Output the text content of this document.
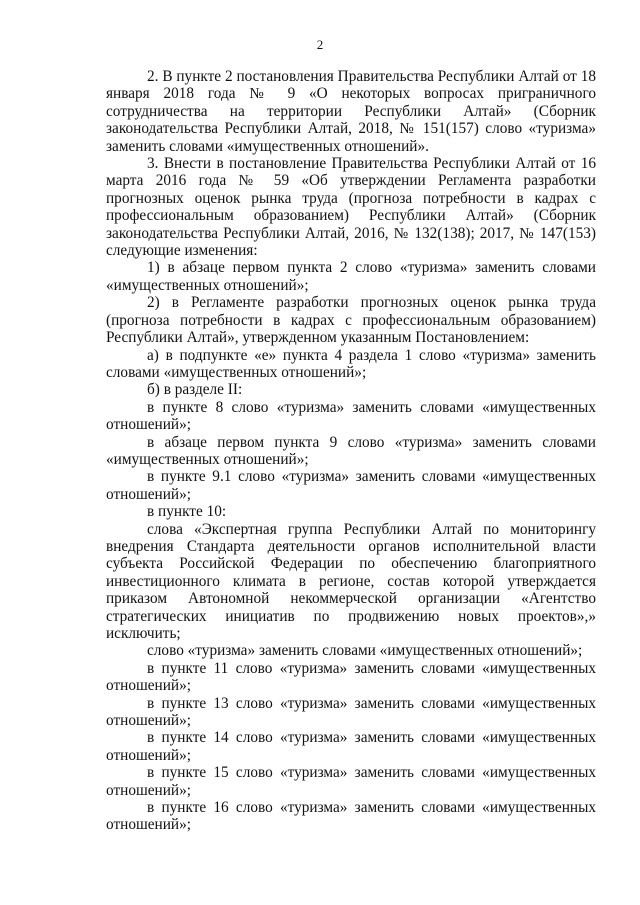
2

2. В пункте 2 постановления Правительства Республики Алтай от 18 января 2018 года № 9 «О некоторых вопросах приграничного сотрудничества на территории Республики Алтай» (Сборник законодательства Республики Алтай, 2018, № 151(157) слово «туризма» заменить словами «имущественных отношений».

3. Внести в постановление Правительства Республики Алтай от 16 марта 2016 года № 59 «Об утверждении Регламента разработки прогнозных оценок рынка труда (прогноза потребности в кадрах с профессиональным образованием) Республики Алтай» (Сборник законодательства Республики Алтай, 2016, № 132(138); 2017, № 147(153) следующие изменения:

1) в абзаце первом пункта 2 слово «туризма» заменить словами «имущественных отношений»;

2) в Регламенте разработки прогнозных оценок рынка труда (прогноза потребности в кадрах с профессиональным образованием) Республики Алтай», утвержденном указанным Постановлением:

а) в подпункте «е» пункта 4 раздела 1 слово «туризма» заменить словами «имущественных отношений»;

б) в разделе II:

в пункте 8 слово «туризма» заменить словами «имущественных отношений»;

в абзаце первом пункта 9 слово «туризма» заменить словами «имущественных отношений»;

в пункте 9.1 слово «туризма» заменить словами «имущественных отношений»;

в пункте 10:

слова «Экспертная группа Республики Алтай по мониторингу внедрения Стандарта деятельности органов исполнительной власти субъекта Российской Федерации по обеспечению благоприятного инвестиционного климата в регионе, состав которой утверждается приказом Автономной некоммерческой организации «Агентство стратегических инициатив по продвижению новых проектов»,» исключить;

слово «туризма» заменить словами «имущественных отношений»;

в пункте 11 слово «туризма» заменить словами «имущественных отношений»;

в пункте 13 слово «туризма» заменить словами «имущественных отношений»;

в пункте 14 слово «туризма» заменить словами «имущественных отношений»;

в пункте 15 слово «туризма» заменить словами «имущественных отношений»;

в пункте 16 слово «туризма» заменить словами «имущественных отношений»;
